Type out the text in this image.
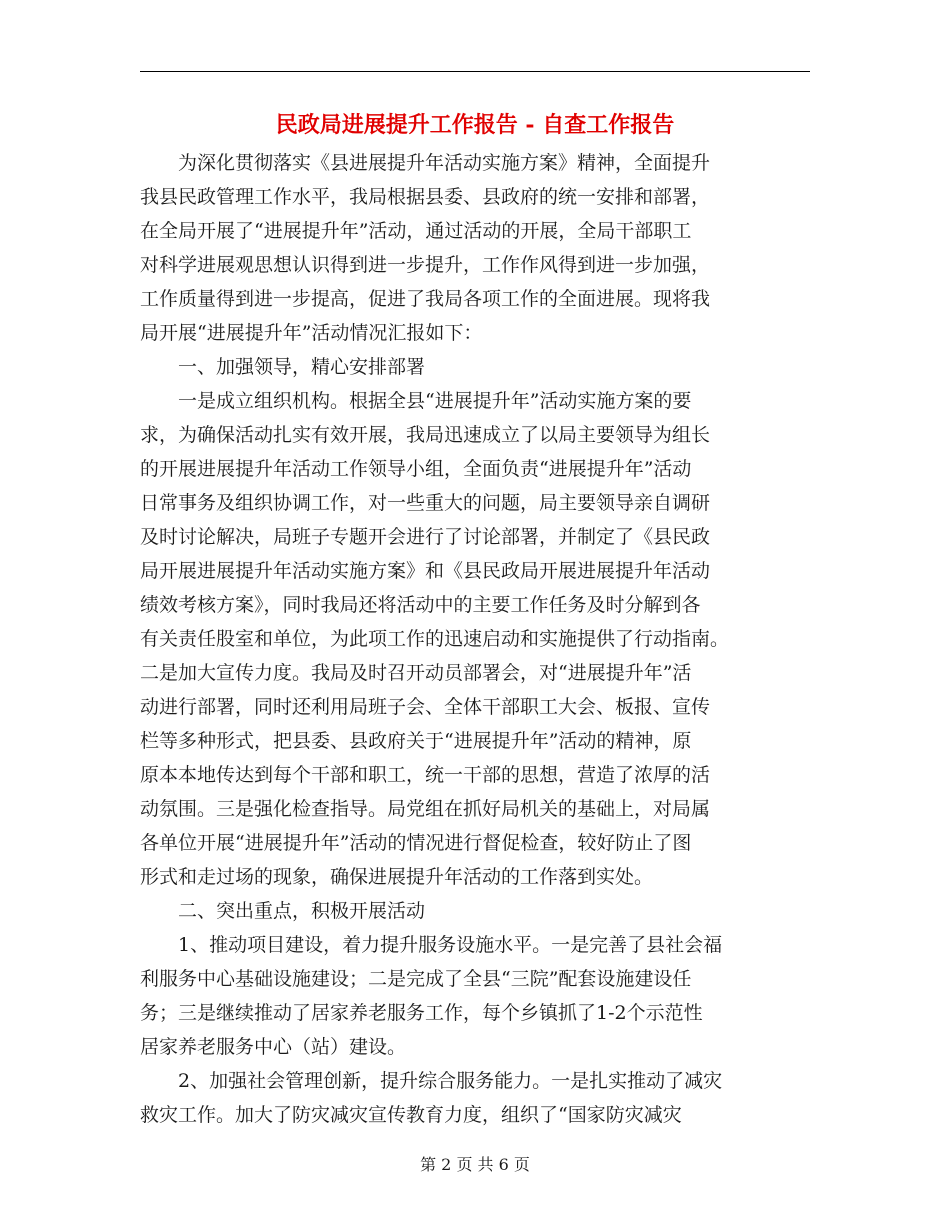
民政局进展提升工作报告 - 自查工作报告
　　为深化贯彻落实《县进展提升年活动实施方案》精神，全面提升
我县民政管理工作水平，我局根据县委、县政府的统一安排和部署，
在全局开展了“进展提升年”活动，通过活动的开展，全局干部职工
对科学进展观思想认识得到进一步提升，工作作风得到进一步加强，
工作质量得到进一步提高，促进了我局各项工作的全面进展。现将我
局开展“进展提升年”活动情况汇报如下：
　　一、加强领导，精心安排部署
　　一是成立组织机构。根据全县“进展提升年”活动实施方案的要
求，为确保活动扎实有效开展，我局迅速成立了以局主要领导为组长
的开展进展提升年活动工作领导小组，全面负责“进展提升年”活动
日常事务及组织协调工作，对一些重大的问题，局主要领导亲自调研
及时讨论解决，局班子专题开会进行了讨论部署，并制定了《县民政
局开展进展提升年活动实施方案》和《县民政局开展进展提升年活动
绩效考核方案》，同时我局还将活动中的主要工作任务及时分解到各
有关责任股室和单位，为此项工作的迅速启动和实施提供了行动指南。
二是加大宣传力度。我局及时召开动员部署会，对“进展提升年”活
动进行部署，同时还利用局班子会、全体干部职工大会、板报、宣传
栏等多种形式，把县委、县政府关于“进展提升年”活动的精神，原
原本本地传达到每个干部和职工，统一干部的思想，营造了浓厚的活
动氛围。三是强化检查指导。局党组在抓好局机关的基础上，对局属
各单位开展“进展提升年”活动的情况进行督促检查，较好防止了图
形式和走过场的现象，确保进展提升年活动的工作落到实处。
　　二、突出重点，积极开展活动
　　1、推动项目建设，着力提升服务设施水平。一是完善了县社会福
利服务中心基础设施建设；二是完成了全县“三院”配套设施建设任
务；三是继续推动了居家养老服务工作，每个乡镇抓了1-2个示范性
居家养老服务中心（站）建设。
　　2、加强社会管理创新，提升综合服务能力。一是扎实推动了减灾
救灾工作。加大了防灾减灾宣传教育力度，组织了“国家防灾减灾
第 2 页 共 6 页
